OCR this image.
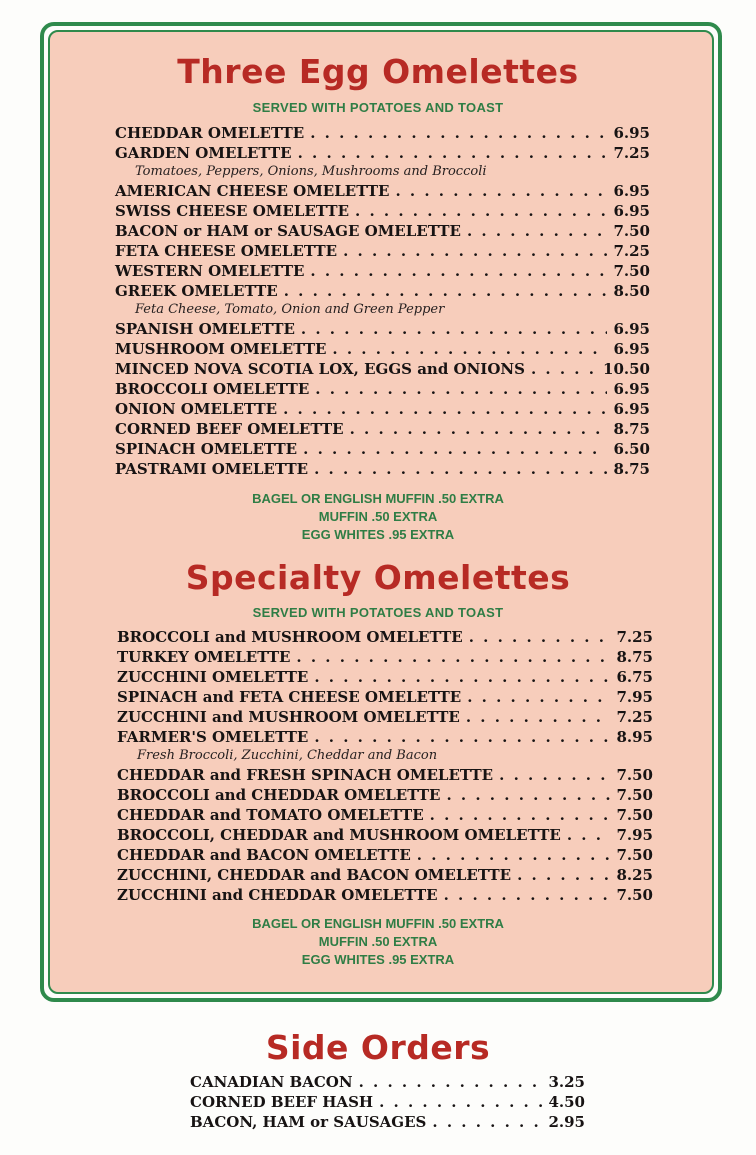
Three Egg Omelettes
SERVED WITH POTATOES AND TOAST
CHEDDAR OMELETTE . . .	6.95
GARDEN OMELETTE . . .	7.25
Tomatoes, Peppers, Onions, Mushrooms and Broccoli
AMERICAN CHEESE OMELETTE . . .	6.95
SWISS CHEESE OMELETTE . . .	6.95
BACON or HAM or SAUSAGE OMELETTE . . .	7.50
FETA CHEESE OMELETTE . . .	7.25
WESTERN OMELETTE . . .	7.50
GREEK OMELETTE . . .	8.50
Feta Cheese, Tomato, Onion and Green Pepper
SPANISH OMELETTE . . .	6.95
MUSHROOM OMELETTE . . .	6.95
MINCED NOVA SCOTIA LOX, EGGS and ONIONS . . .	10.50
BROCCOLI OMELETTE . . .	6.95
ONION OMELETTE . . .	6.95
CORNED BEEF OMELETTE . . .	8.75
SPINACH OMELETTE . . .	6.50
PASTRAMI OMELETTE . . .	8.75
BAGEL OR ENGLISH MUFFIN .50 EXTRA
MUFFIN .50 EXTRA
EGG WHITES .95 EXTRA
Specialty Omelettes
SERVED WITH POTATOES AND TOAST
BROCCOLI and MUSHROOM OMELETTE . . .	7.25
TURKEY OMELETTE . . .	8.75
ZUCCHINI OMELETTE . . .	6.75
SPINACH and FETA CHEESE OMELETTE . . .	7.95
ZUCCHINI and MUSHROOM OMELETTE . . .	7.25
FARMER'S OMELETTE . . .	8.95
Fresh Broccoli, Zucchini, Cheddar and Bacon
CHEDDAR and FRESH SPINACH OMELETTE . . .	7.50
BROCCOLI and CHEDDAR OMELETTE . . .	7.50
CHEDDAR and TOMATO OMELETTE . . .	7.50
BROCCOLI, CHEDDAR and MUSHROOM OMELETTE . . .	7.95
CHEDDAR and BACON OMELETTE . . .	7.50
ZUCCHINI, CHEDDAR and BACON OMELETTE . . .	8.25
ZUCCHINI and CHEDDAR OMELETTE . . .	7.50
BAGEL OR ENGLISH MUFFIN .50 EXTRA
MUFFIN .50 EXTRA
EGG WHITES .95 EXTRA
Side Orders
CANADIAN BACON . . .	3.25
CORNED BEEF HASH . . .	4.50
BACON, HAM or SAUSAGES . . .	2.95
